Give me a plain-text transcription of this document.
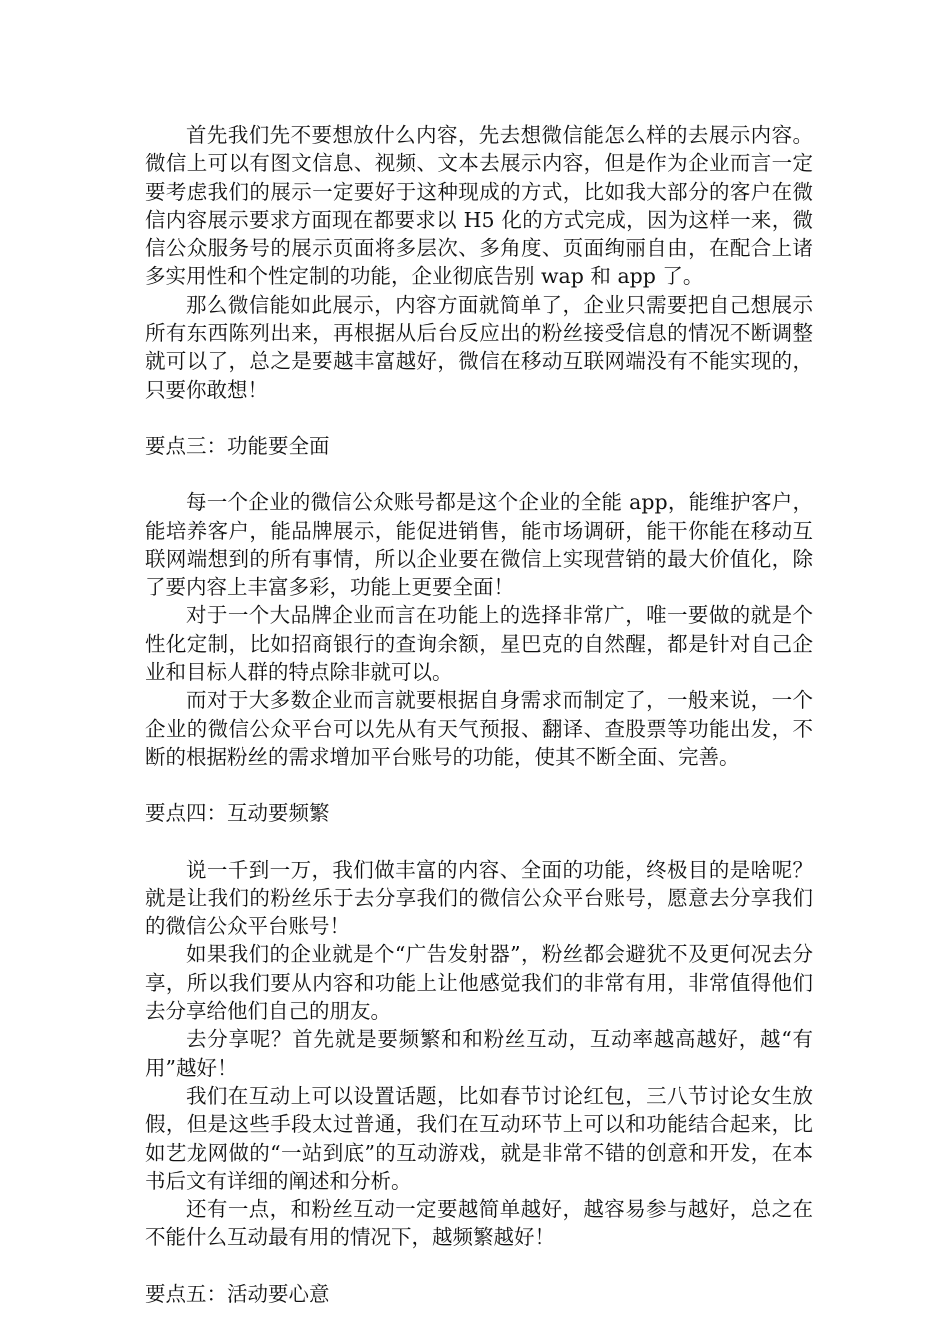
首先我们先不要想放什么内容，先去想微信能怎么样的去展示内容。微信上可以有图文信息、视频、文本去展示内容，但是作为企业而言一定要考虑我们的展示一定要好于这种现成的方式，比如我大部分的客户在微信内容展示要求方面现在都要求以 H5 化的方式完成，因为这样一来，微信公众服务号的展示页面将多层次、多角度、页面绚丽自由，在配合上诸多实用性和个性定制的功能，企业彻底告别 wap 和 app 了。

那么微信能如此展示，内容方面就简单了，企业只需要把自己想展示所有东西陈列出来，再根据从后台反应出的粉丝接受信息的情况不断调整就可以了，总之是要越丰富越好，微信在移动互联网端没有不能实现的，只要你敢想！

要点三：功能要全面

每一个企业的微信公众账号都是这个企业的全能 app，能维护客户，能培养客户，能品牌展示，能促进销售，能市场调研，能干你能在移动互联网端想到的所有事情，所以企业要在微信上实现营销的最大价值化，除了要内容上丰富多彩，功能上更要全面！

对于一个大品牌企业而言在功能上的选择非常广，唯一要做的就是个性化定制，比如招商银行的查询余额，星巴克的自然醒，都是针对自己企业和目标人群的特点除非就可以。

而对于大多数企业而言就要根据自身需求而制定了，一般来说，一个企业的微信公众平台可以先从有天气预报、翻译、查股票等功能出发，不断的根据粉丝的需求增加平台账号的功能，使其不断全面、完善。

要点四：互动要频繁

说一千到一万，我们做丰富的内容、全面的功能，终极目的是啥呢？就是让我们的粉丝乐于去分享我们的微信公众平台账号，愿意去分享我们的微信公众平台账号！

如果我们的企业就是个“广告发射器”，粉丝都会避犹不及更何况去分享，所以我们要从内容和功能上让他感觉我们的非常有用，非常值得他们去分享给他们自己的朋友。

去分享呢？首先就是要频繁和和粉丝互动，互动率越高越好，越“有用”越好！

我们在互动上可以设置话题，比如春节讨论红包，三八节讨论女生放假，但是这些手段太过普通，我们在互动环节上可以和功能结合起来，比如艺龙网做的“一站到底”的互动游戏，就是非常不错的创意和开发，在本书后文有详细的阐述和分析。

还有一点，和粉丝互动一定要越简单越好，越容易参与越好，总之在不能什么互动最有用的情况下，越频繁越好！

要点五：活动要心意
